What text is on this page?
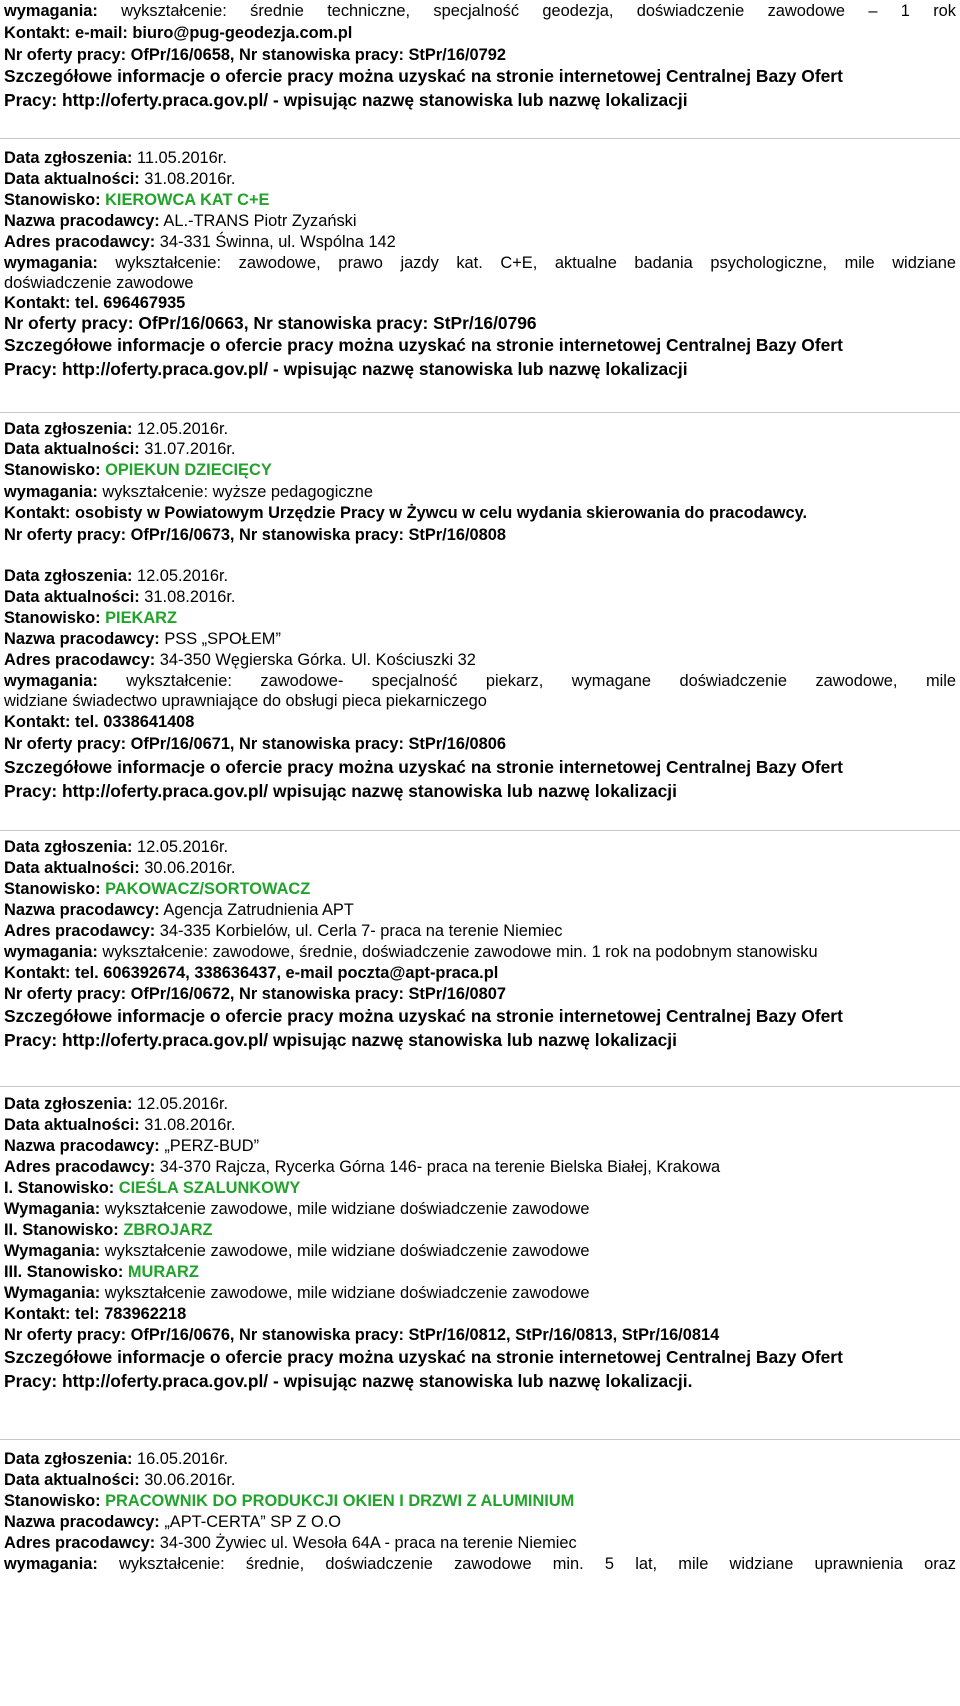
wymagania: wykształcenie: średnie techniczne, specjalność geodezja, doświadczenie zawodowe – 1 rok
Kontakt: e-mail: biuro@pug-geodezja.com.pl
Nr oferty pracy: OfPr/16/0658, Nr stanowiska pracy: StPr/16/0792
Szczegółowe informacje o ofercie pracy można uzyskać na stronie internetowej Centralnej Bazy Ofert
Pracy: http://oferty.praca.gov.pl/ - wpisując nazwę stanowiska lub nazwę lokalizacji
Data zgłoszenia: 11.05.2016r.
Data aktualności: 31.08.2016r.
Stanowisko: KIEROWCA KAT C+E
Nazwa pracodawcy: AL.-TRANS Piotr Zyzański
Adres pracodawcy: 34-331 Świnna, ul. Wspólna 142
wymagania: wykształcenie: zawodowe, prawo jazdy kat. C+E, aktualne badania psychologiczne, mile widziane
doświadczenie zawodowe
Kontakt: tel. 696467935
Nr oferty pracy: OfPr/16/0663, Nr stanowiska pracy: StPr/16/0796
Szczegółowe informacje o ofercie pracy można uzyskać na stronie internetowej Centralnej Bazy Ofert
Pracy: http://oferty.praca.gov.pl/ - wpisując nazwę stanowiska lub nazwę lokalizacji
Data zgłoszenia: 12.05.2016r.
Data aktualności: 31.07.2016r.
Stanowisko: OPIEKUN DZIECIĘCY
wymagania: wykształcenie: wyższe pedagogiczne
Kontakt: osobisty w Powiatowym Urzędzie Pracy w Żywcu w celu wydania skierowania do pracodawcy.
Nr oferty pracy: OfPr/16/0673, Nr stanowiska pracy: StPr/16/0808
Data zgłoszenia: 12.05.2016r.
Data aktualności: 31.08.2016r.
Stanowisko: PIEKARZ
Nazwa pracodawcy: PSS „SPOŁEM”
Adres pracodawcy: 34-350 Węgierska Górka. Ul. Kościuszki 32
wymagania: wykształcenie: zawodowe- specjalność piekarz, wymagane doświadczenie zawodowe, mile
widziane świadectwo uprawniające do obsługi pieca piekarniczego
Kontakt: tel. 0338641408
Nr oferty pracy: OfPr/16/0671, Nr stanowiska pracy: StPr/16/0806
Szczegółowe informacje o ofercie pracy można uzyskać na stronie internetowej Centralnej Bazy Ofert
Pracy: http://oferty.praca.gov.pl/ wpisując nazwę stanowiska lub nazwę lokalizacji
Data zgłoszenia: 12.05.2016r.
Data aktualności: 30.06.2016r.
Stanowisko: PAKOWACZ/SORTOWACZ
Nazwa pracodawcy: Agencja Zatrudnienia APT
Adres pracodawcy: 34-335 Korbielów, ul. Cerla 7- praca na terenie Niemiec
wymagania: wykształcenie: zawodowe, średnie, doświadczenie zawodowe min. 1 rok na podobnym stanowisku
Kontakt: tel. 606392674, 338636437, e-mail poczta@apt-praca.pl
Nr oferty pracy: OfPr/16/0672, Nr stanowiska pracy: StPr/16/0807
Szczegółowe informacje o ofercie pracy można uzyskać na stronie internetowej Centralnej Bazy Ofert
Pracy: http://oferty.praca.gov.pl/ wpisując nazwę stanowiska lub nazwę lokalizacji
Data zgłoszenia: 12.05.2016r.
Data aktualności: 31.08.2016r.
Nazwa pracodawcy: „PERZ-BUD”
Adres pracodawcy: 34-370 Rajcza, Rycerka Górna 146- praca na terenie Bielska Białej, Krakowa
I. Stanowisko: CIEŚLA SZALUNKOWY
Wymagania: wykształcenie zawodowe, mile widziane doświadczenie zawodowe
II. Stanowisko: ZBROJARZ
Wymagania: wykształcenie zawodowe, mile widziane doświadczenie zawodowe
III. Stanowisko: MURARZ
Wymagania: wykształcenie zawodowe, mile widziane doświadczenie zawodowe
Kontakt: tel: 783962218
Nr oferty pracy: OfPr/16/0676, Nr stanowiska pracy: StPr/16/0812, StPr/16/0813, StPr/16/0814
Szczegółowe informacje o ofercie pracy można uzyskać na stronie internetowej Centralnej Bazy Ofert
Pracy: http://oferty.praca.gov.pl/ - wpisując nazwę stanowiska lub nazwę lokalizacji.
Data zgłoszenia: 16.05.2016r.
Data aktualności: 30.06.2016r.
Stanowisko: PRACOWNIK DO PRODUKCJI OKIEN I DRZWI Z ALUMINIUM
Nazwa pracodawcy: „APT-CERTA” SP Z O.O
Adres pracodawcy: 34-300 Żywiec ul. Wesoła 64A - praca na terenie Niemiec
wymagania: wykształcenie: średnie, doświadczenie zawodowe min. 5 lat, mile widziane uprawnienia oraz
